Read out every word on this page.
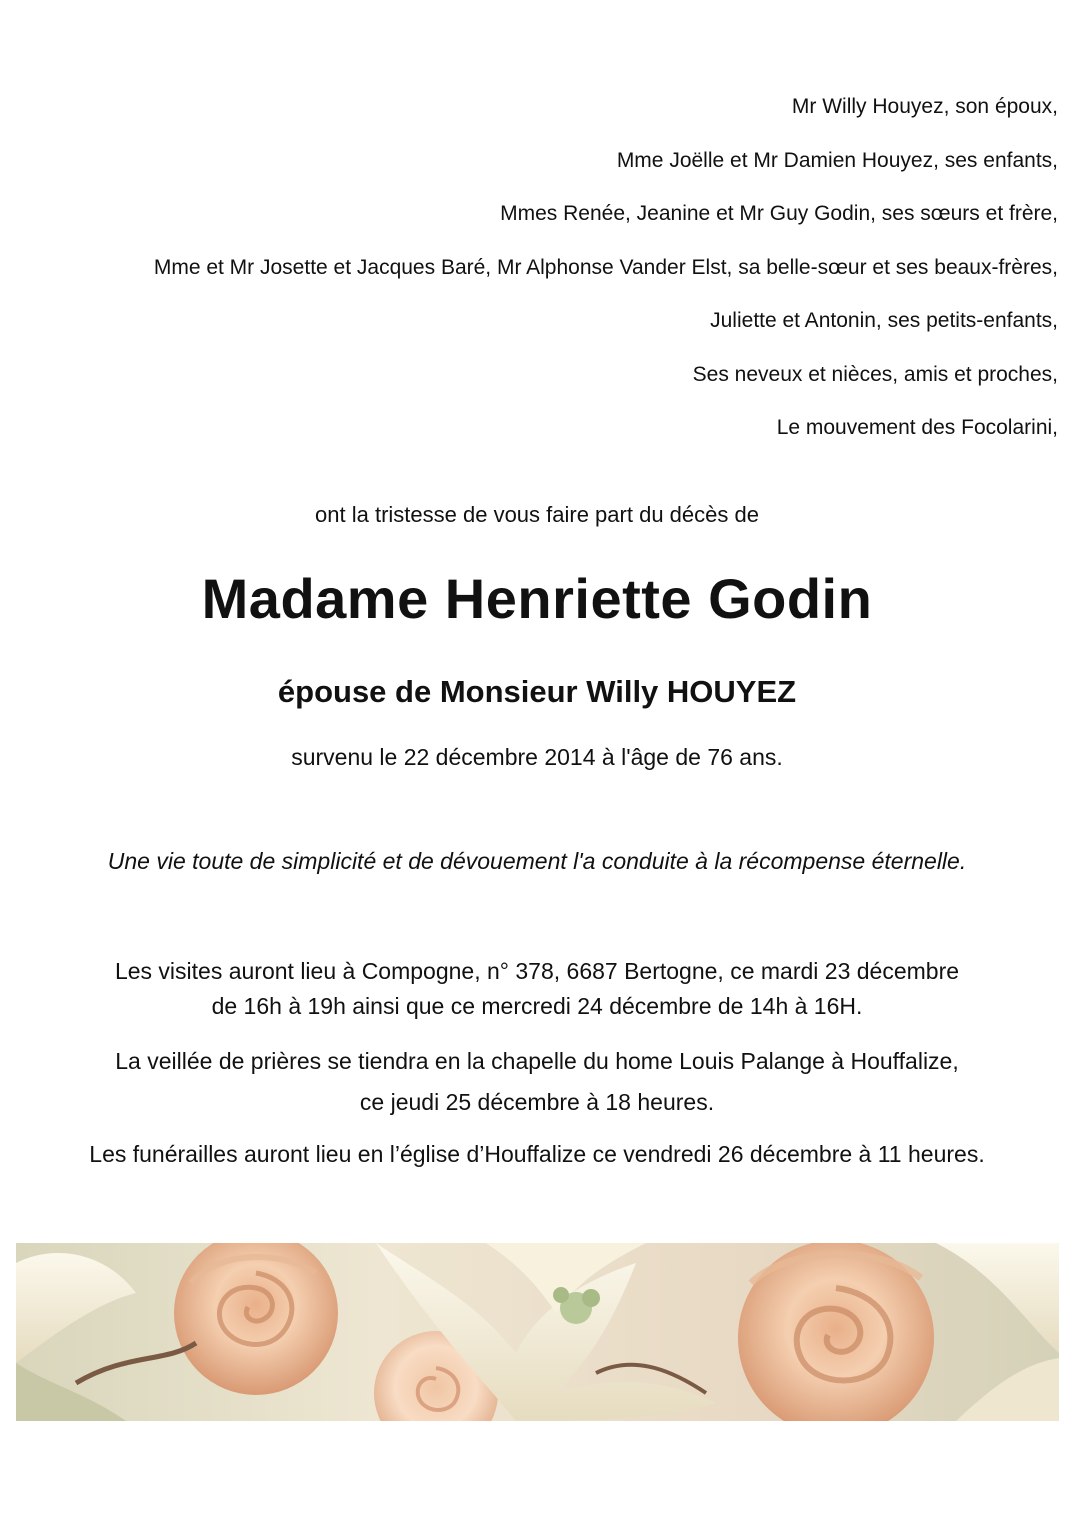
Mr Willy Houyez, son époux,
Mme Joëlle et Mr Damien Houyez, ses enfants,
Mmes Renée, Jeanine et Mr Guy Godin, ses sœurs et frère,
Mme et Mr Josette et Jacques Baré, Mr Alphonse Vander Elst, sa belle-sœur et ses beaux-frères,
Juliette et Antonin, ses petits-enfants,
Ses neveux et nièces, amis et proches,
Le mouvement des Focolarini,
ont la tristesse de vous faire part du décès de
Madame Henriette Godin
épouse de Monsieur Willy HOUYEZ
survenu le 22 décembre 2014 à l'âge de 76 ans.
Une vie toute de simplicité et de dévouement l'a conduite à la récompense éternelle.
Les visites auront lieu à Compogne, n° 378, 6687 Bertogne, ce mardi 23 décembre
de 16h à 19h ainsi que ce mercredi 24 décembre de 14h à 16H.
La veillée de prières se tiendra en la chapelle du home Louis Palange à Houffalize,
ce jeudi 25 décembre à 18 heures.
Les funérailles auront lieu en l’église d’Houffalize ce vendredi 26 décembre à 11 heures.
